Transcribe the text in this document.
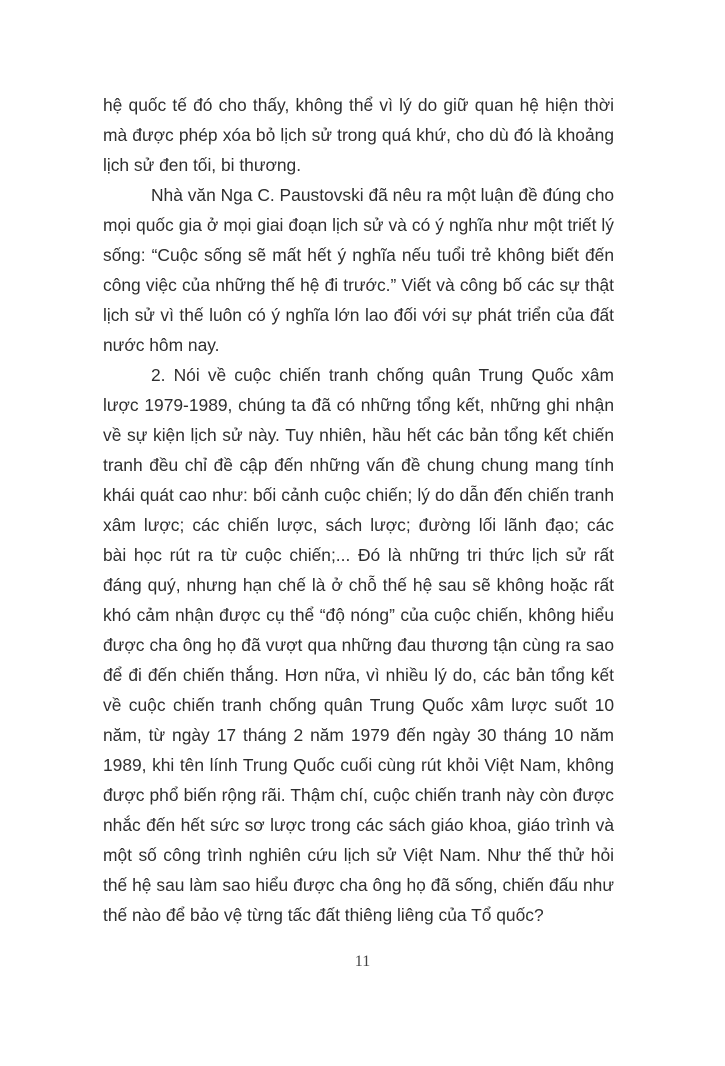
hệ quốc tế đó cho thấy, không thể vì lý do giữ quan hệ hiện thời
mà được phép xóa bỏ lịch sử trong quá khứ, cho dù đó là khoảng
lịch sử đen tối, bi thương.
Nhà văn Nga C. Paustovski đã nêu ra một luận đề đúng cho
mọi quốc gia ở mọi giai đoạn lịch sử và có ý nghĩa như một triết lý
sống: “Cuộc sống sẽ mất hết ý nghĩa nếu tuổi trẻ không biết đến
công việc của những thế hệ đi trước.” Viết và công bố các sự thật
lịch sử vì thế luôn có ý nghĩa lớn lao đối với sự phát triển của đất
nước hôm nay.
2. Nói về cuộc chiến tranh chống quân Trung Quốc xâm
lược 1979-1989, chúng ta đã có những tổng kết, những ghi nhận
về sự kiện lịch sử này. Tuy nhiên, hầu hết các bản tổng kết chiến
tranh đều chỉ đề cập đến những vấn đề chung chung mang tính
khái quát cao như: bối cảnh cuộc chiến; lý do dẫn đến chiến tranh
xâm lược; các chiến lược, sách lược; đường lối lãnh đạo; các
bài học rút ra từ cuộc chiến;... Đó là những tri thức lịch sử rất
đáng quý, nhưng hạn chế là ở chỗ thế hệ sau sẽ không hoặc rất
khó cảm nhận được cụ thể “độ nóng” của cuộc chiến, không hiểu
được cha ông họ đã vượt qua những đau thương tận cùng ra sao
để đi đến chiến thắng. Hơn nữa, vì nhiều lý do, các bản tổng kết
về cuộc chiến tranh chống quân Trung Quốc xâm lược suốt 10
năm, từ ngày 17 tháng 2 năm 1979 đến ngày 30 tháng 10 năm
1989, khi tên lính Trung Quốc cuối cùng rút khỏi Việt Nam, không
được phổ biến rộng rãi. Thậm chí, cuộc chiến tranh này còn được
nhắc đến hết sức sơ lược trong các sách giáo khoa, giáo trình và
một số công trình nghiên cứu lịch sử Việt Nam. Như thế thử hỏi
thế hệ sau làm sao hiểu được cha ông họ đã sống, chiến đấu như
thế nào để bảo vệ từng tấc đất thiêng liêng của Tổ quốc?
11
